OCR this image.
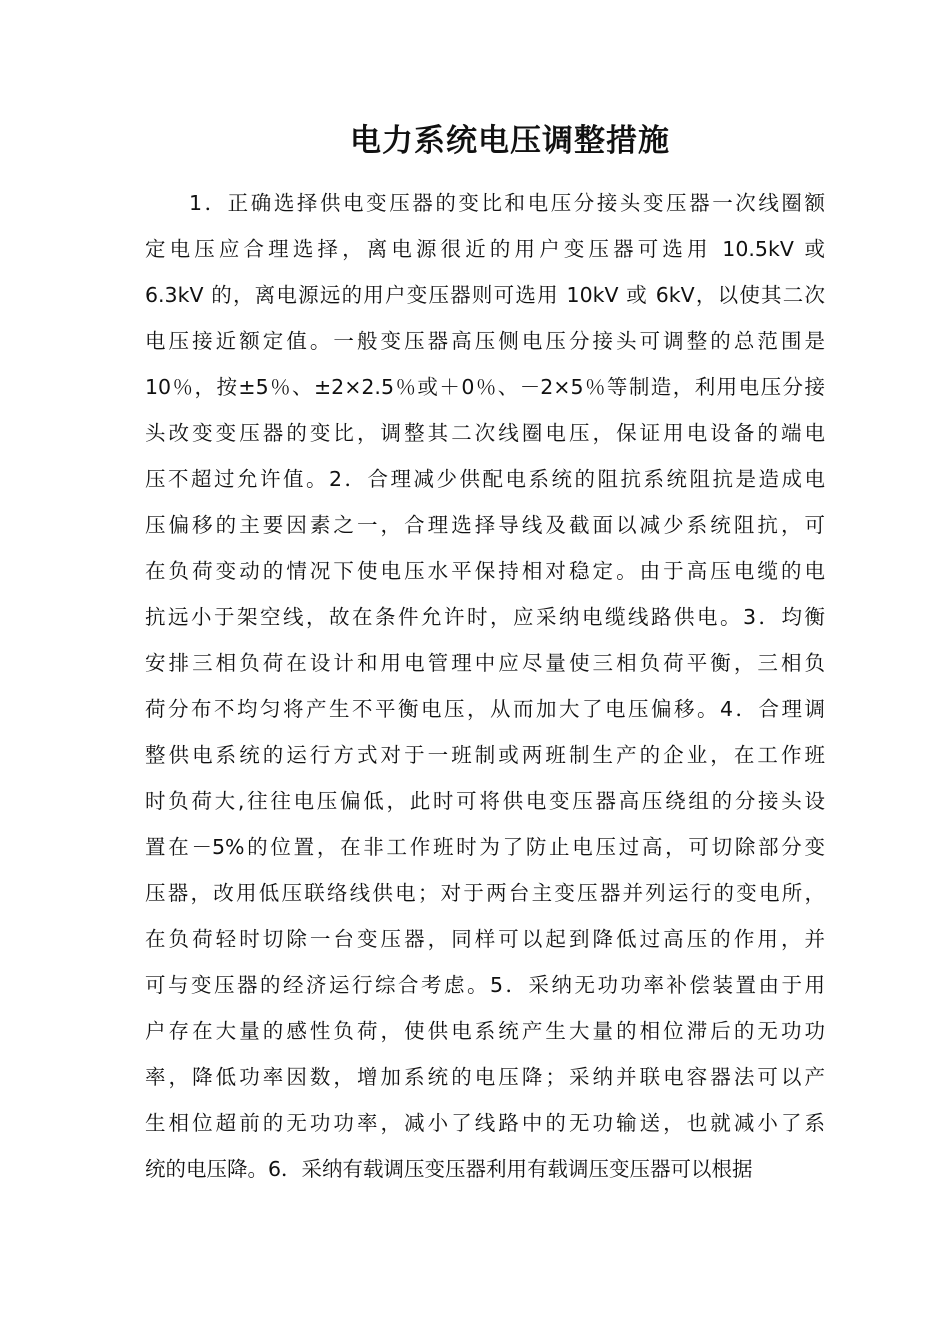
电力系统电压调整措施
1．正确选择供电变压器的变比和电压分接头变压器一次线圈额
定电压应合理选择，离电源很近的用户变压器可选用 10.5kV 或
6.3kV 的，离电源远的用户变压器则可选用 10kV 或 6kV，以使其二次
电压接近额定值。一般变压器高压侧电压分接头可调整的总范围是
10％，按±5％、±2×2.5％或＋0％、－2×5％等制造，利用电压分接
头改变变压器的变比，调整其二次线圈电压，保证用电设备的端电
压不超过允许值。2．合理减少供配电系统的阻抗系统阻抗是造成电
压偏移的主要因素之一，合理选择导线及截面以减少系统阻抗，可
在负荷变动的情况下使电压水平保持相对稳定。由于高压电缆的电
抗远小于架空线，故在条件允许时，应采纳电缆线路供电。3．均衡
安排三相负荷在设计和用电管理中应尽量使三相负荷平衡，三相负
荷分布不均匀将产生不平衡电压，从而加大了电压偏移。4．合理调
整供电系统的运行方式对于一班制或两班制生产的企业，在工作班
时负荷大,往往电压偏低，此时可将供电变压器高压绕组的分接头设
置在－5%的位置，在非工作班时为了防止电压过高，可切除部分变
压器，改用低压联络线供电；对于两台主变压器并列运行的变电所，
在负荷轻时切除一台变压器，同样可以起到降低过高压的作用，并
可与变压器的经济运行综合考虑。5．采纳无功功率补偿装置由于用
户存在大量的感性负荷，使供电系统产生大量的相位滞后的无功功
率，降低功率因数，增加系统的电压降；采纳并联电容器法可以产
生相位超前的无功功率，减小了线路中的无功输送，也就减小了系
统的电压降。6．采纳有载调压变压器利用有载调压变压器可以根据
